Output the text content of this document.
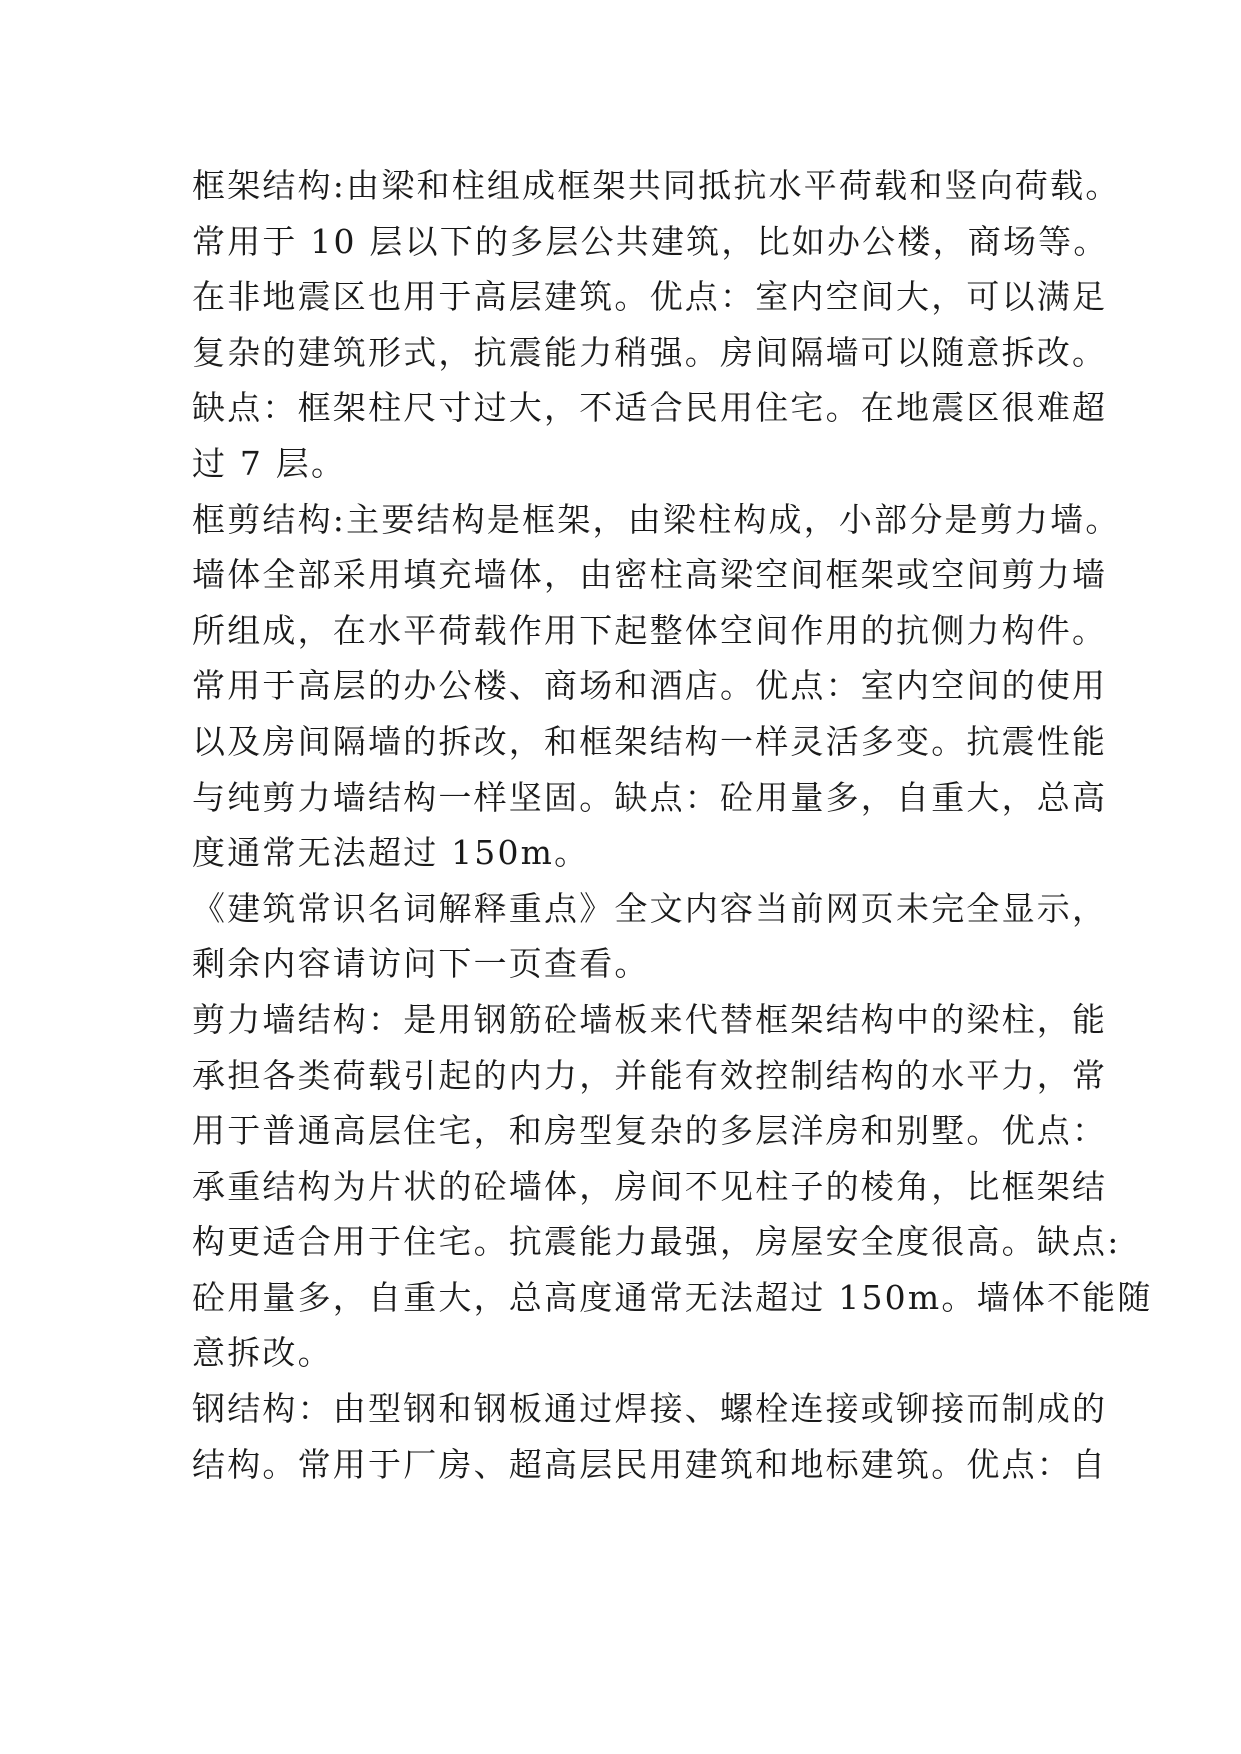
框架结构:由梁和柱组成框架共同抵抗水平荷载和竖向荷载。
常用于 10 层以下的多层公共建筑，比如办公楼，商场等。
在非地震区也用于高层建筑。优点：室内空间大，可以满足
复杂的建筑形式，抗震能力稍强。房间隔墙可以随意拆改。
缺点：框架柱尺寸过大，不适合民用住宅。在地震区很难超
过 7 层。
框剪结构:主要结构是框架，由梁柱构成，小部分是剪力墙。
墙体全部采用填充墙体，由密柱高梁空间框架或空间剪力墙
所组成，在水平荷载作用下起整体空间作用的抗侧力构件。
常用于高层的办公楼、商场和酒店。优点：室内空间的使用
以及房间隔墙的拆改，和框架结构一样灵活多变。抗震性能
与纯剪力墙结构一样坚固。缺点：砼用量多，自重大，总高
度通常无法超过 150m。
《建筑常识名词解释重点》全文内容当前网页未完全显示，
剩余内容请访问下一页查看。
剪力墙结构：是用钢筋砼墙板来代替框架结构中的梁柱，能
承担各类荷载引起的内力，并能有效控制结构的水平力，常
用于普通高层住宅，和房型复杂的多层洋房和别墅。优点：
承重结构为片状的砼墙体，房间不见柱子的棱角，比框架结
构更适合用于住宅。抗震能力最强，房屋安全度很高。缺点:
砼用量多，自重大，总高度通常无法超过 150m。墙体不能随
意拆改。
钢结构：由型钢和钢板通过焊接、螺栓连接或铆接而制成的
结构。常用于厂房、超高层民用建筑和地标建筑。优点：自
